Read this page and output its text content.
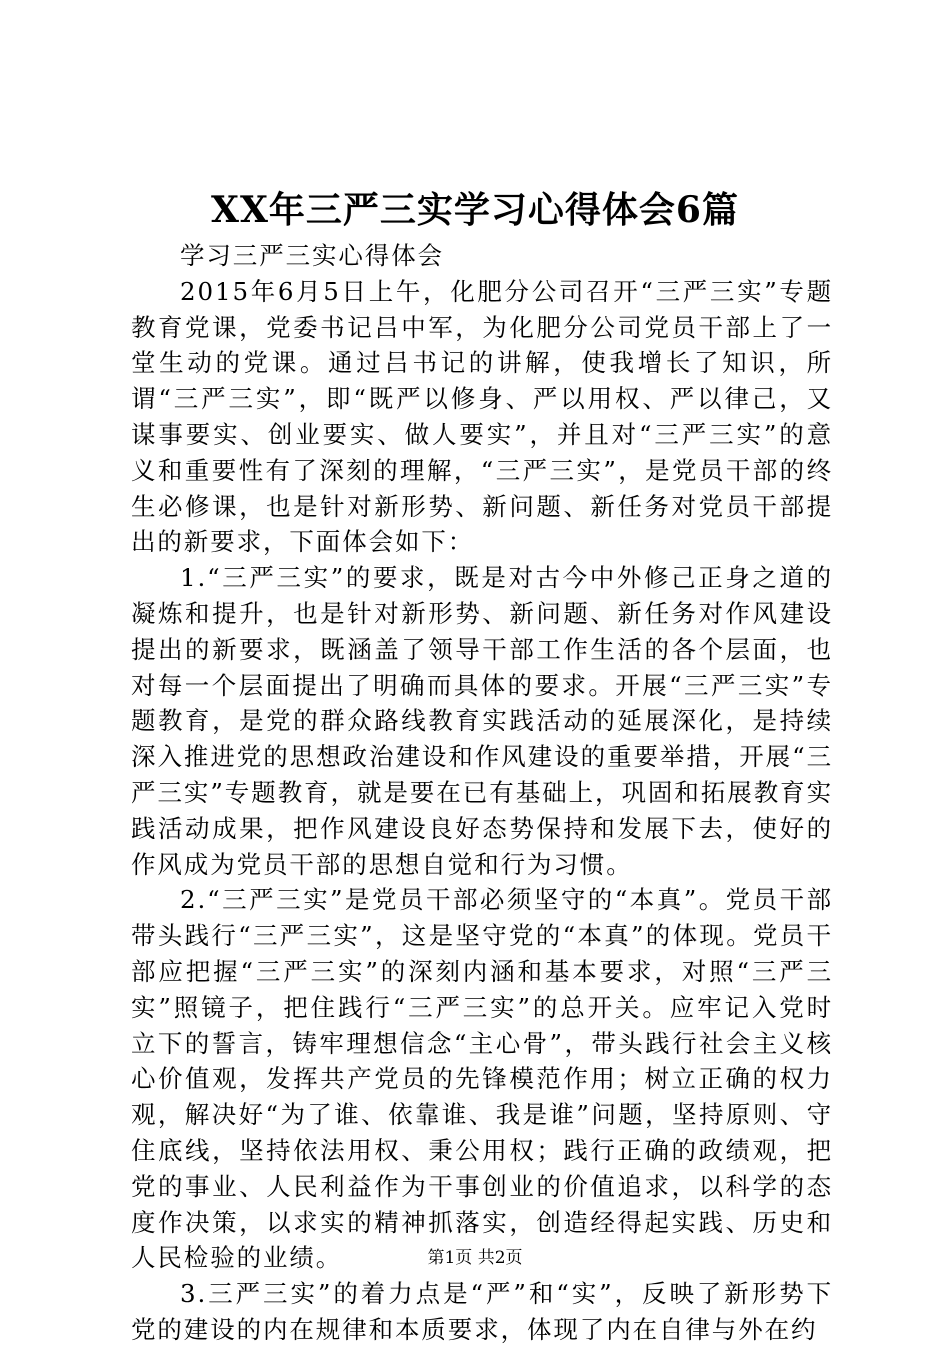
XX年三严三实学习心得体会6篇

学习三严三实心得体会

2015年6月5日上午，化肥分公司召开“三严三实”专题教育党课，党委书记吕中军，为化肥分公司党员干部上了一堂生动的党课。通过吕书记的讲解，使我增长了知识，所谓“三严三实”，即“既严以修身、严以用权、严以律己，又谋事要实、创业要实、做人要实”，并且对“三严三实”的意义和重要性有了深刻的理解，“三严三实”，是党员干部的终生必修课，也是针对新形势、新问题、新任务对党员干部提出的新要求，下面体会如下：

1.“三严三实”的要求，既是对古今中外修己正身之道的凝炼和提升，也是针对新形势、新问题、新任务对作风建设提出的新要求，既涵盖了领导干部工作生活的各个层面，也对每一个层面提出了明确而具体的要求。开展“三严三实”专题教育，是党的群众路线教育实践活动的延展深化，是持续深入推进党的思想政治建设和作风建设的重要举措，开展“三严三实”专题教育，就是要在已有基础上，巩固和拓展教育实践活动成果，把作风建设良好态势保持和发展下去，使好的作风成为党员干部的思想自觉和行为习惯。

2.“三严三实”是党员干部必须坚守的“本真”。党员干部带头践行“三严三实”，这是坚守党的“本真”的体现。党员干部应把握“三严三实”的深刻内涵和基本要求，对照“三严三实”照镜子，把住践行“三严三实”的总开关。应牢记入党时立下的誓言，铸牢理想信念“主心骨”，带头践行社会主义核心价值观，发挥共产党员的先锋模范作用；树立正确的权力观，解决好“为了谁、依靠谁、我是谁”问题，坚持原则、守住底线，坚持依法用权、秉公用权；践行正确的政绩观，把党的事业、人民利益作为干事创业的价值追求，以科学的态度作决策，以求实的精神抓落实，创造经得起实践、历史和人民检验的业绩。

3.三严三实”的着力点是“严”和“实”，反映了新形势下党的建设的内在规律和本质要求，体现了内在自律与外在约

第1页 共2页
